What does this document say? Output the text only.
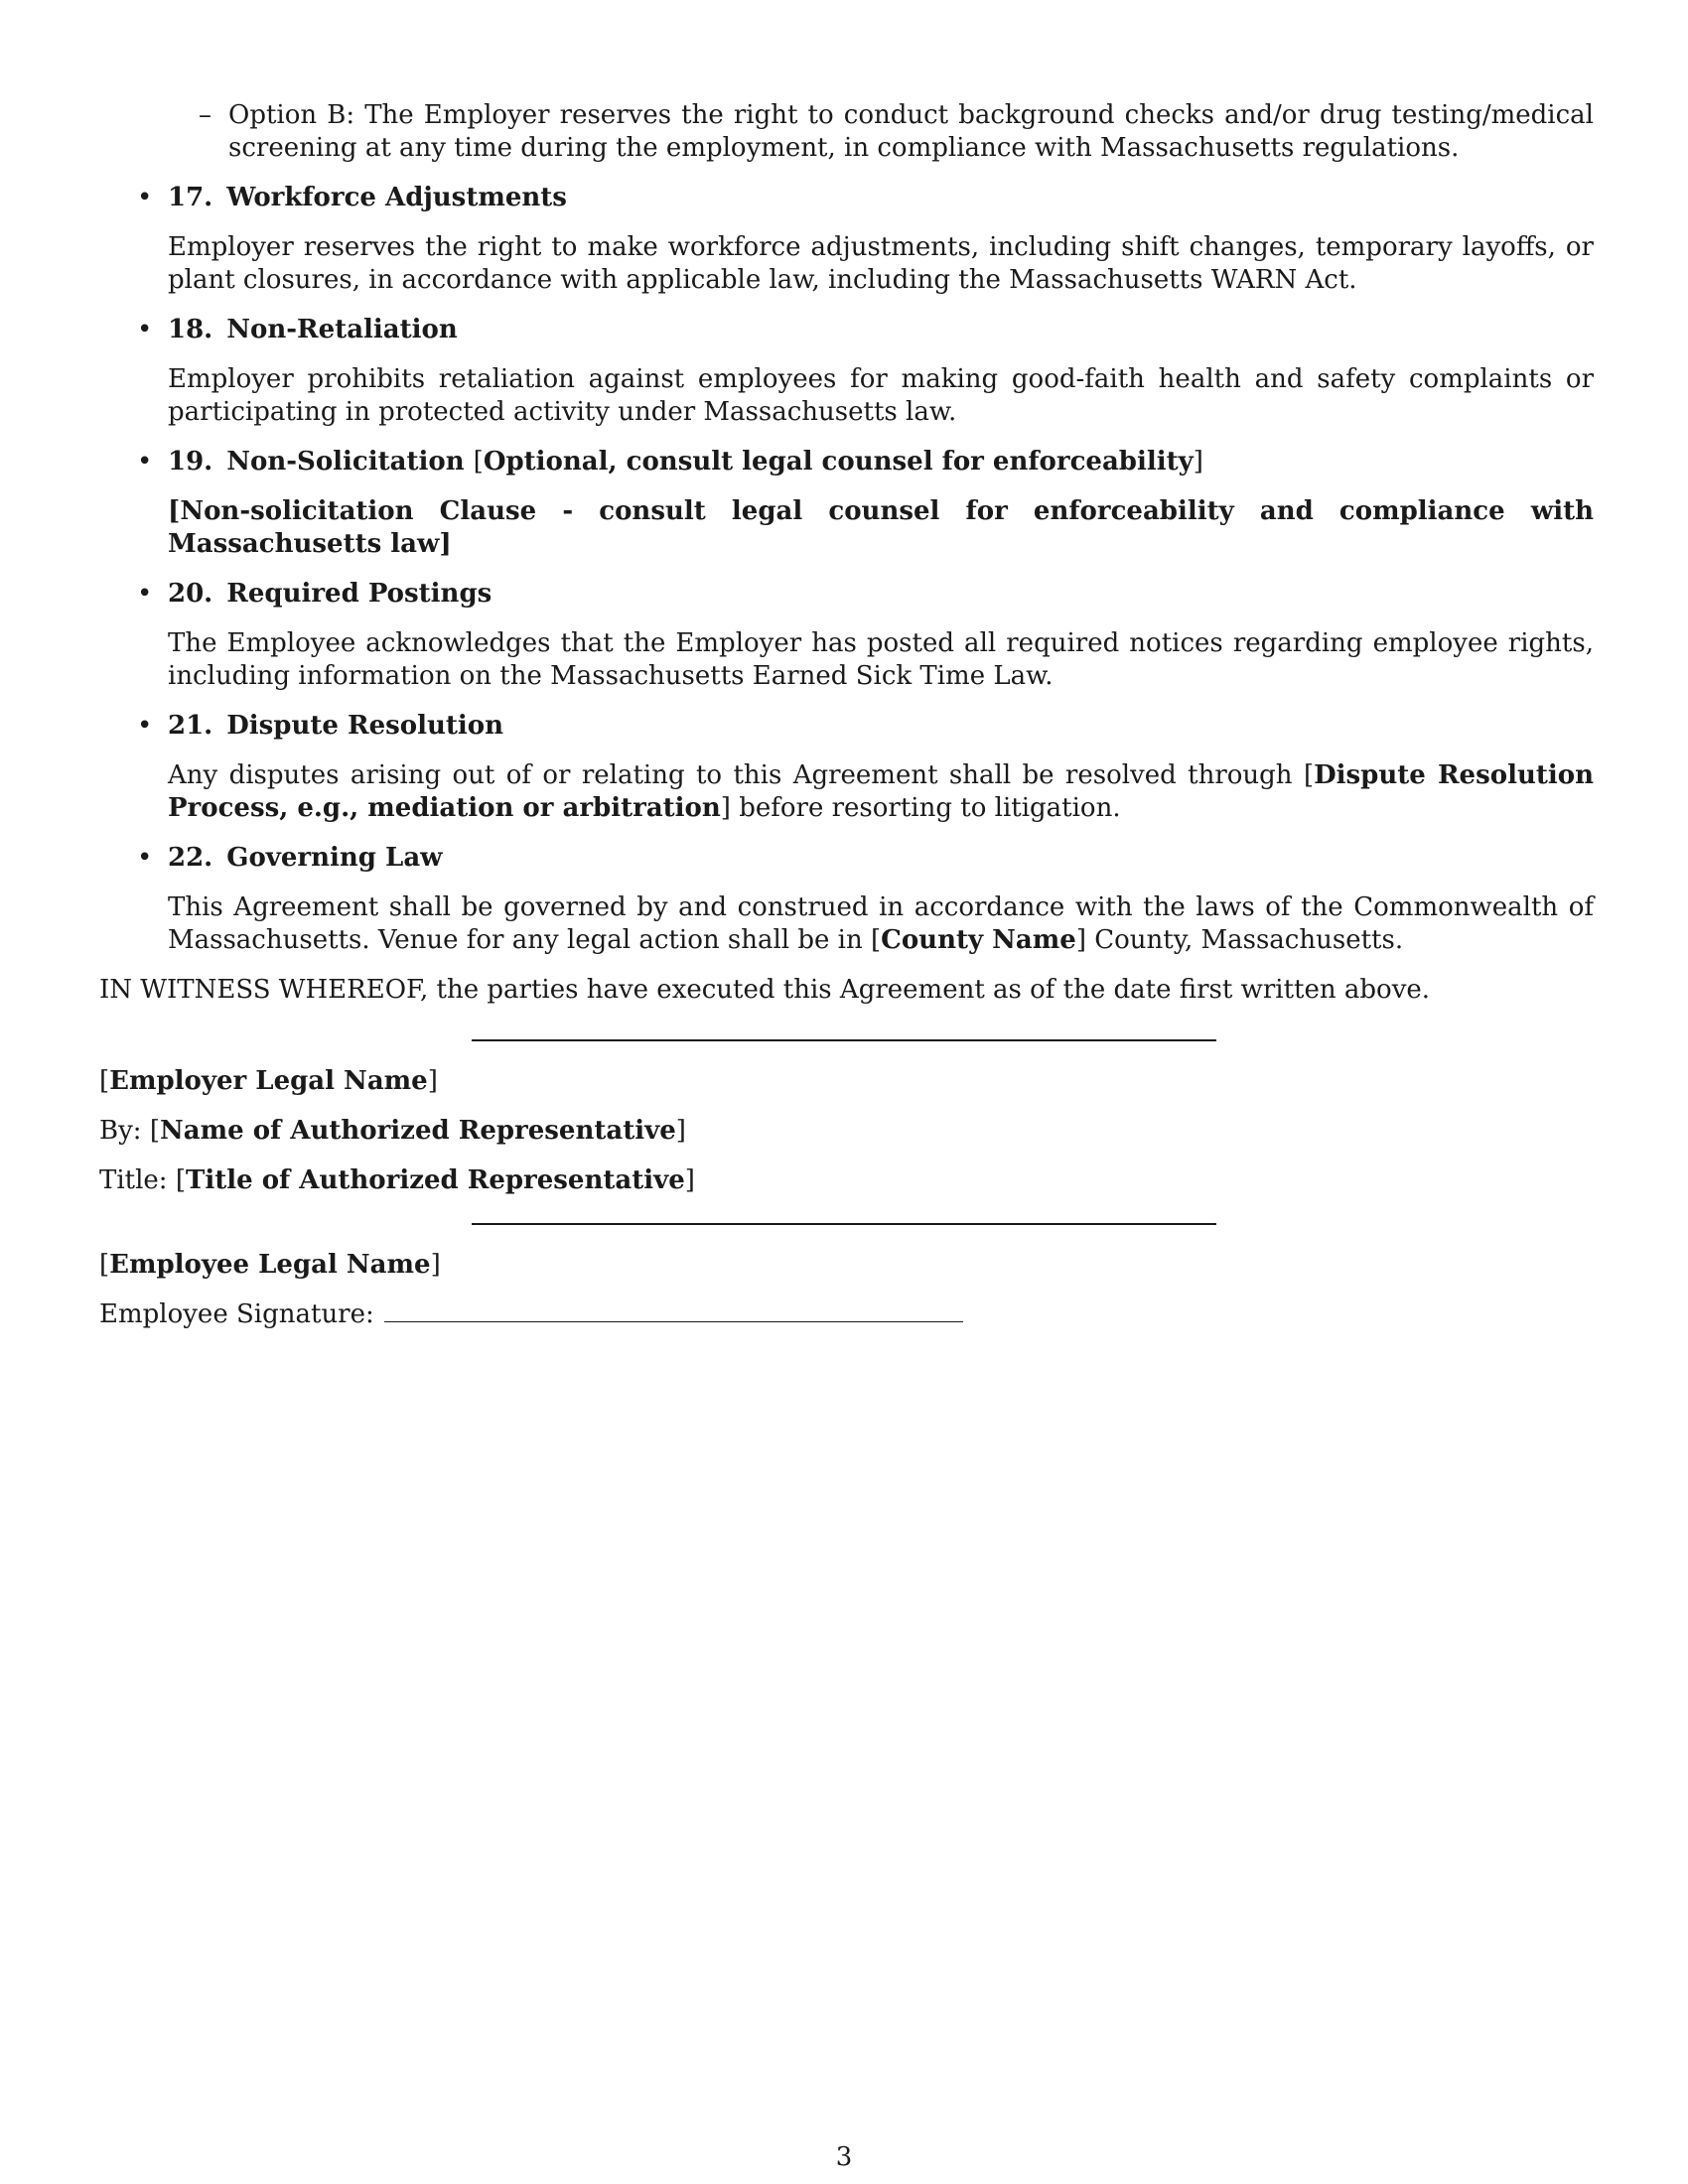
– Option B: The Employer reserves the right to conduct background checks and/or drug testing/medical screening at any time during the employment, in compliance with Massachusetts regulations.

• 17. Workforce Adjustments

Employer reserves the right to make workforce adjustments, including shift changes, temporary layoffs, or plant closures, in accordance with applicable law, including the Massachusetts WARN Act.

• 18. Non-Retaliation

Employer prohibits retaliation against employees for making good-faith health and safety complaints or participating in protected activity under Massachusetts law.

• 19. Non-Solicitation [Optional, consult legal counsel for enforceability]

[Non-solicitation Clause - consult legal counsel for enforceability and compliance with Massachusetts law]

• 20. Required Postings

The Employee acknowledges that the Employer has posted all required notices regarding employee rights, including information on the Massachusetts Earned Sick Time Law.

• 21. Dispute Resolution

Any disputes arising out of or relating to this Agreement shall be resolved through [Dispute Resolution Process, e.g., mediation or arbitration] before resorting to litigation.

• 22. Governing Law

This Agreement shall be governed by and construed in accordance with the laws of the Commonwealth of Massachusetts. Venue for any legal action shall be in [County Name] County, Massachusetts.

IN WITNESS WHEREOF, the parties have executed this Agreement as of the date first written above.

[Employer Legal Name]

By: [Name of Authorized Representative]

Title: [Title of Authorized Representative]

[Employee Legal Name]

Employee Signature:

3
